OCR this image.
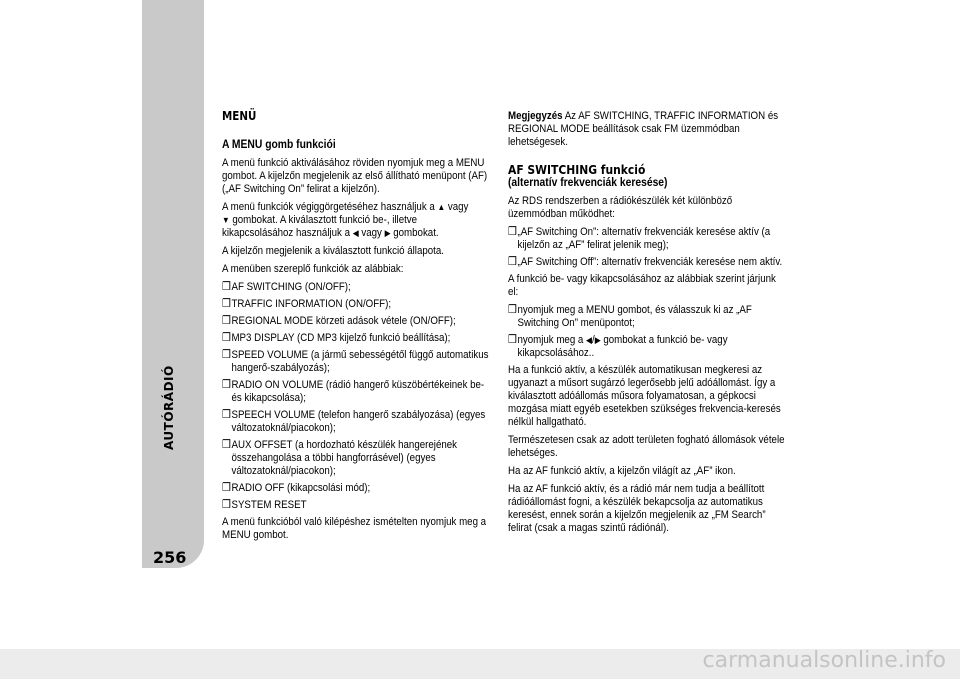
AUTÓRÁDIÓ
256
MENÜ
A MENU gomb funkciói

A menü funkció aktiválásához röviden nyomjuk meg a MENU gombot. A kijelzőn megjelenik az első állítható menüpont (AF) („AF Switching On” felirat a kijelzőn).

A menü funkciók végiggörgetéséhez használjuk a ▲ vagy
▼ gombokat. A kiválasztott funkció be-, illetve kikapcsolásához használjuk a ◀ vagy ▶ gombokat.

A kijelzőn megjelenik a kiválasztott funkció állapota.

A menüben szereplő funkciók az alábbiak:

❒AF SWITCHING (ON/OFF);
❒TRAFFIC INFORMATION (ON/OFF);
❒REGIONAL MODE körzeti adások vétele (ON/OFF);
❒MP3 DISPLAY (CD MP3 kijelző funkció beállítása);
❒SPEED VOLUME (a jármű sebességétől függő automatikus hangerő-szabályozás);
❒RADIO ON VOLUME (rádió hangerő küszöbértékeinek be- és kikapcsolása);
❒SPEECH VOLUME (telefon hangerő szabályozása) (egyes változatoknál/piacokon);
❒AUX OFFSET (a hordozható készülék hangerejének összehangolása a többi hangforrásével) (egyes változatoknál/piacokon);
❒RADIO OFF (kikapcsolási mód);
❒SYSTEM RESET

A menü funkcióból való kilépéshez ismételten nyomjuk meg a MENU gombot.

Megjegyzés Az AF SWITCHING, TRAFFIC INFORMATION és REGIONAL MODE beállítások csak FM üzemmódban lehetségesek.

AF SWITCHING funkció
(alternatív frekvenciák keresése)

Az RDS rendszerben a rádiókészülék két különböző üzemmódban működhet:

❒„AF Switching On”: alternatív frekvenciák keresése aktív (a kijelzőn az „AF” felirat jelenik meg);
❒„AF Switching Off”: alternatív frekvenciák keresése nem aktív.

A funkció be- vagy kikapcsolásához az alábbiak szerint járjunk el:

❒nyomjuk meg a MENU gombot, és válasszuk ki az „AF Switching On” menüpontot;
❒nyomjuk meg a ◀/▶ gombokat a funkció be- vagy kikapcsolásához..

Ha a funkció aktív, a készülék automatikusan megkeresi az ugyanazt a műsort sugárzó legerősebb jelű adóállomást. Így a kiválasztott adóállomás műsora folyamatosan, a gépkocsi mozgása miatt egyéb esetekben szükséges frekvencia-keresés nélkül hallgatható.

Természetesen csak az adott területen fogható állomások vétele lehetséges.

Ha az AF funkció aktív, a kijelzőn világít az „AF” ikon.

Ha az AF funkció aktív, és a rádió már nem tudja a beállított rádióállomást fogni, a készülék bekapcsolja az automatikus keresést, ennek során a kijelzőn megjelenik az „FM Search” felirat (csak a magas szintű rádiónál).

carmanualsonline.info
